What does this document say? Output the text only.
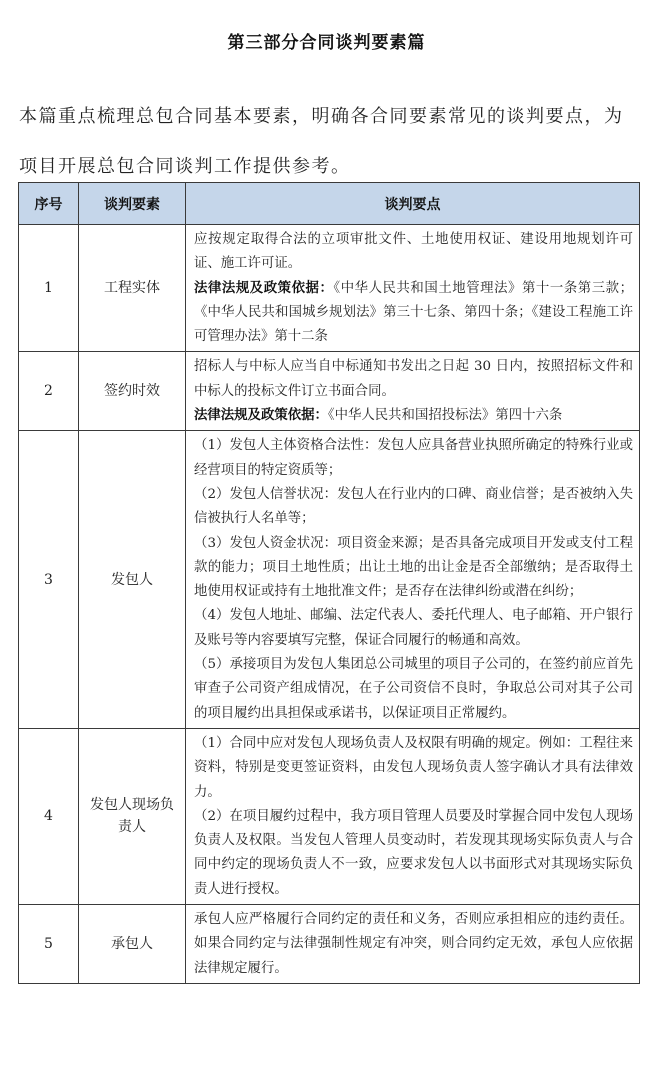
第三部分合同谈判要素篇
本篇重点梳理总包合同基本要素，明确各合同要素常见的谈判要点，为项目开展总包合同谈判工作提供参考。
序号	谈判要素	谈判要点
1	工程实体	应按规定取得合法的立项审批文件、土地使用权证、建设用地规划许可证、施工许可证。

法律法规及政策依据：《中华人民共和国土地管理法》第十一条第三款；《中华人民共和国城乡规划法》第三十七条、第四十条；《建设工程施工许可管理办法》第十二条

2	签约时效	招标人与中标人应当自中标通知书发出之日起 30 日内，按照招标文件和中标人的投标文件订立书面合同。

法律法规及政策依据：《中华人民共和国招投标法》第四十六条

3	发包人	（1）发包人主体资格合法性：发包人应具备营业执照所确定的特殊行业或经营项目的特定资质等；

（2）发包人信誉状况：发包人在行业内的口碑、商业信誉；是否被纳入失信被执行人名单等；

（3）发包人资金状况：项目资金来源；是否具备完成项目开发或支付工程款的能力；项目土地性质；出让土地的出让金是否全部缴纳；是否取得土地使用权证或持有土地批准文件；是否存在法律纠纷或潜在纠纷；

（4）发包人地址、邮编、法定代表人、委托代理人、电子邮箱、开户银行及账号等内容要填写完整，保证合同履行的畅通和高效。

（5）承接项目为发包人集团总公司城里的项目子公司的，在签约前应首先审查子公司资产组成情况，在子公司资信不良时，争取总公司对其子公司的项目履约出具担保或承诺书，以保证项目正常履约。

4	发包人现场负责人	（1）合同中应对发包人现场负责人及权限有明确的规定。例如：工程往来资料，特别是变更签证资料，由发包人现场负责人签字确认才具有法律效力。

（2）在项目履约过程中，我方项目管理人员要及时掌握合同中发包人现场负责人及权限。当发包人管理人员变动时，若发现其现场实际负责人与合同中约定的现场负责人不一致，应要求发包人以书面形式对其现场实际负责人进行授权。

5	承包人	承包人应严格履行合同约定的责任和义务，否则应承担相应的违约责任。如果合同约定与法律强制性规定有冲突，则合同约定无效，承包人应依据法律规定履行。
